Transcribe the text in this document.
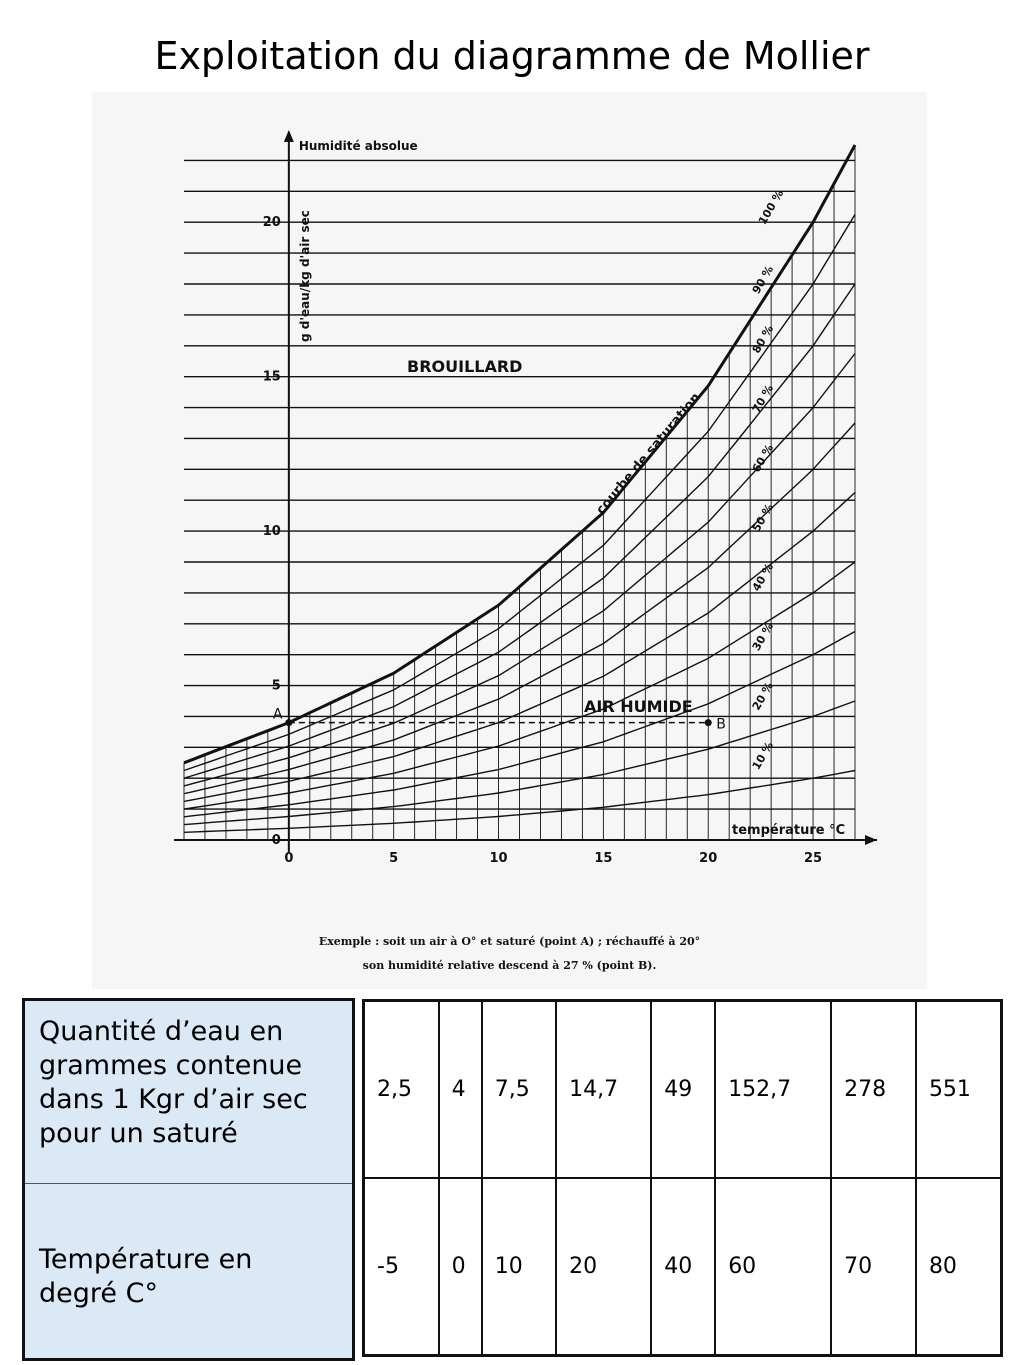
Exploitation du diagramme de Mollier
0	5	10	15	20	25
0
5
10
15
20	100 %
90 %
80 %
70 %
60 %
50 %
40 %
30 %
20 %
10 %
Humidité absolue
g d'eau/kg d'air sec
température °C
BROUILLARD
AIR HUMIDE
courbe de saturation
A
B
Exemple : soit un air à O° et saturé (point A) ; réchauffé à 20°
son humidité relative descend à 27 % (point B).
Quantité d’eau en grammes contenue dans 1 Kgr d’air sec pour un saturé
Température en degré C°
2,5	4	7,5	14,7	49	152,7	278	551
-5	0	10	20	40	60	70	80
